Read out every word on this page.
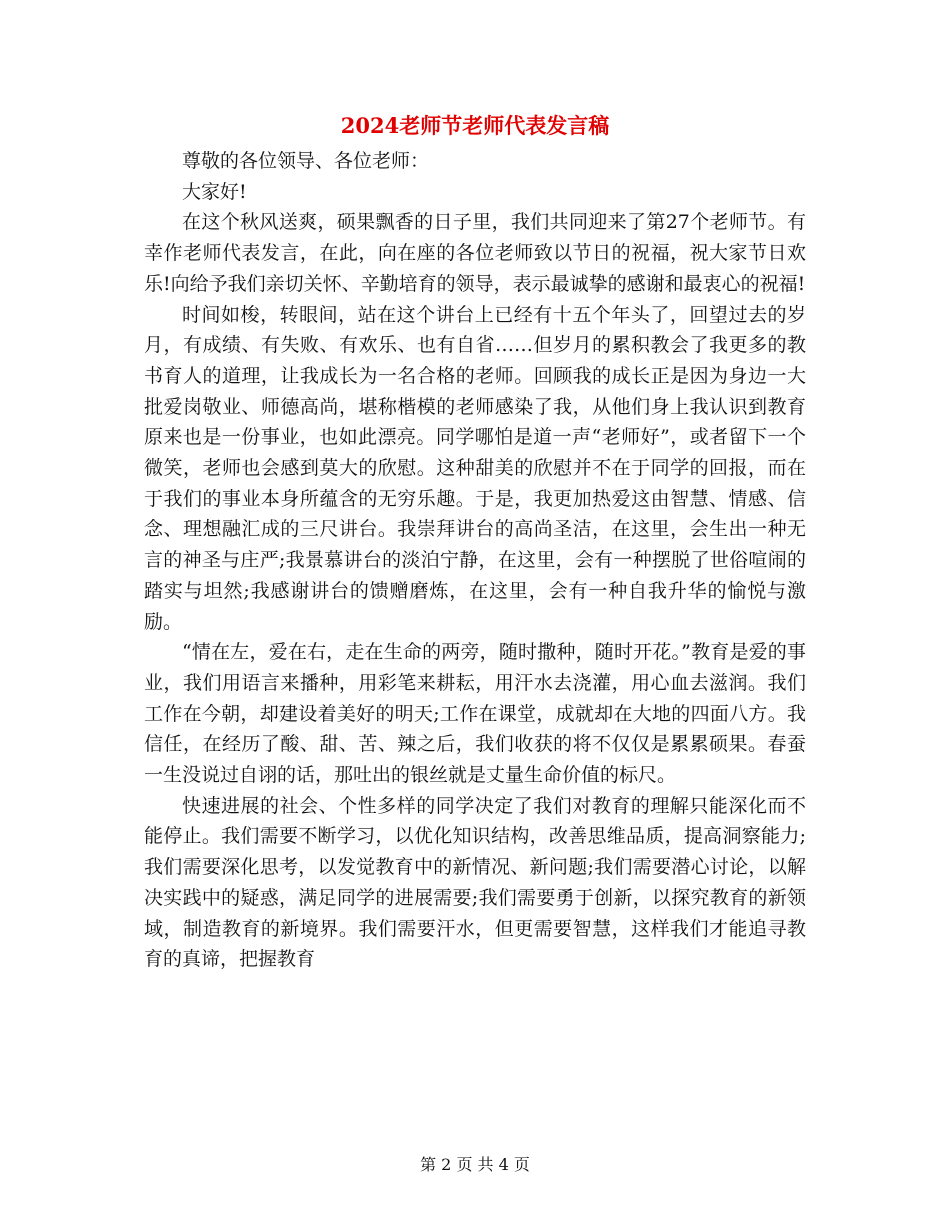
2024老师节老师代表发言稿

尊敬的各位领导、各位老师：

大家好!

在这个秋风送爽，硕果飘香的日子里，我们共同迎来了第27个老师节。有幸作老师代表发言，在此，向在座的各位老师致以节日的祝福，祝大家节日欢乐!向给予我们亲切关怀、辛勤培育的领导，表示最诚挚的感谢和最衷心的祝福!

时间如梭，转眼间，站在这个讲台上已经有十五个年头了，回望过去的岁月，有成绩、有失败、有欢乐、也有自省……但岁月的累积教会了我更多的教书育人的道理，让我成长为一名合格的老师。回顾我的成长正是因为身边一大批爱岗敬业、师德高尚，堪称楷模的老师感染了我，从他们身上我认识到教育原来也是一份事业，也如此漂亮。同学哪怕是道一声“老师好”，或者留下一个微笑，老师也会感到莫大的欣慰。这种甜美的欣慰并不在于同学的回报，而在于我们的事业本身所蕴含的无穷乐趣。于是，我更加热爱这由智慧、情感、信念、理想融汇成的三尺讲台。我崇拜讲台的高尚圣洁，在这里，会生出一种无言的神圣与庄严;我景慕讲台的淡泊宁静，在这里，会有一种摆脱了世俗喧闹的踏实与坦然;我感谢讲台的馈赠磨炼，在这里，会有一种自我升华的愉悦与激励。

“情在左，爱在右，走在生命的两旁，随时撒种，随时开花。”教育是爱的事业，我们用语言来播种，用彩笔来耕耘，用汗水去浇灌，用心血去滋润。我们工作在今朝，却建设着美好的明天;工作在课堂，成就却在大地的四面八方。我信任，在经历了酸、甜、苦、辣之后，我们收获的将不仅仅是累累硕果。春蚕一生没说过自诩的话，那吐出的银丝就是丈量生命价值的标尺。

快速进展的社会、个性多样的同学决定了我们对教育的理解只能深化而不能停止。我们需要不断学习，以优化知识结构，改善思维品质，提高洞察能力;我们需要深化思考，以发觉教育中的新情况、新问题;我们需要潜心讨论，以解决实践中的疑惑，满足同学的进展需要;我们需要勇于创新，以探究教育的新领域，制造教育的新境界。我们需要汗水，但更需要智慧，这样我们才能追寻教育的真谛，把握教育

第 2 页 共 4 页
